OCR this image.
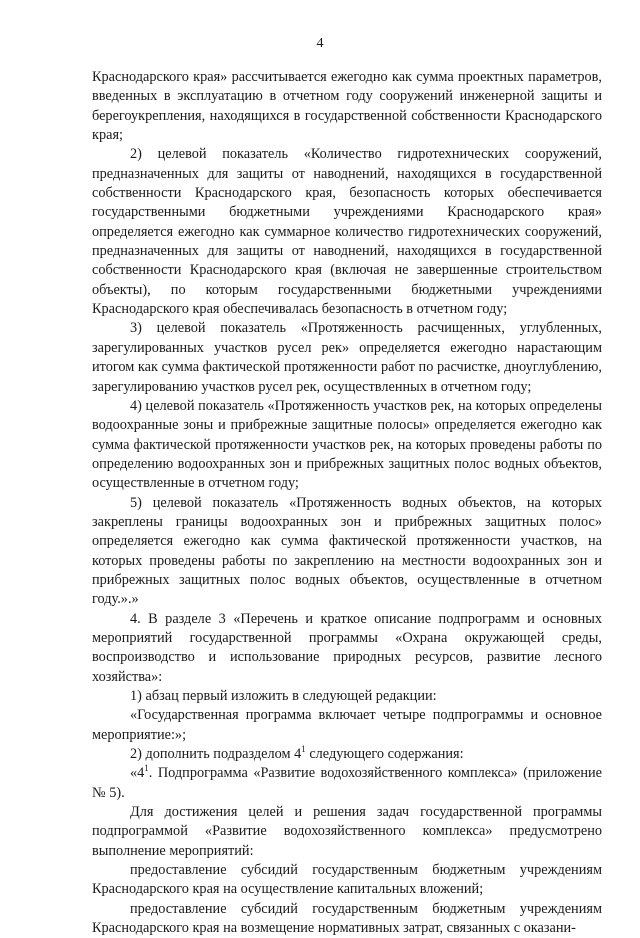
4

Краснодарского края» рассчитывается ежегодно как сумма проектных параметров, введенных в эксплуатацию в отчетном году сооружений инженерной защиты и берегоукрепления, находящихся в государственной собственности Краснодарского края;

2) целевой показатель «Количество гидротехнических сооружений, предназначенных для защиты от наводнений, находящихся в государственной собственности Краснодарского края, безопасность которых обеспечивается государственными бюджетными учреждениями Краснодарского края» определяется ежегодно как суммарное количество гидротехнических сооружений, предназначенных для защиты от наводнений, находящихся в государственной собственности Краснодарского края (включая не завершенные строительством объекты), по которым государственными бюджетными учреждениями Краснодарского края обеспечивалась безопасность в отчетном году;

3) целевой показатель «Протяженность расчищенных, углубленных, зарегулированных участков русел рек» определяется ежегодно нарастающим итогом как сумма фактической протяженности работ по расчистке, дноуглублению, зарегулированию участков русел рек, осуществленных в отчетном году;

4) целевой показатель «Протяженность участков рек, на которых определены водоохранные зоны и прибрежные защитные полосы» определяется ежегодно как сумма фактической протяженности участков рек, на которых проведены работы по определению водоохранных зон и прибрежных защитных полос водных объектов, осуществленные в отчетном году;

5) целевой показатель «Протяженность водных объектов, на которых закреплены границы водоохранных зон и прибрежных защитных полос» определяется ежегодно как сумма фактической протяженности участков, на которых проведены работы по закреплению на местности водоохранных зон и прибрежных защитных полос водных объектов, осуществленные в отчетном году.».»

4. В разделе 3 «Перечень и краткое описание подпрограмм и основных мероприятий государственной программы «Охрана окружающей среды, воспроизводство и использование природных ресурсов, развитие лесного хозяйства»:

1) абзац первый изложить в следующей редакции:

«Государственная программа включает четыре подпрограммы и основное мероприятие:»;

2) дополнить подразделом $4^1$ следующего содержания:

«$4^1$. Подпрограмма «Развитие водохозяйственного комплекса» (приложение № 5).

Для достижения целей и решения задач государственной программы подпрограммой «Развитие водохозяйственного комплекса» предусмотрено выполнение мероприятий:

предоставление субсидий государственным бюджетным учреждениям Краснодарского края на осуществление капитальных вложений;

предоставление субсидий государственным бюджетным учреждениям Краснодарского края на возмещение нормативных затрат, связанных с оказани-
